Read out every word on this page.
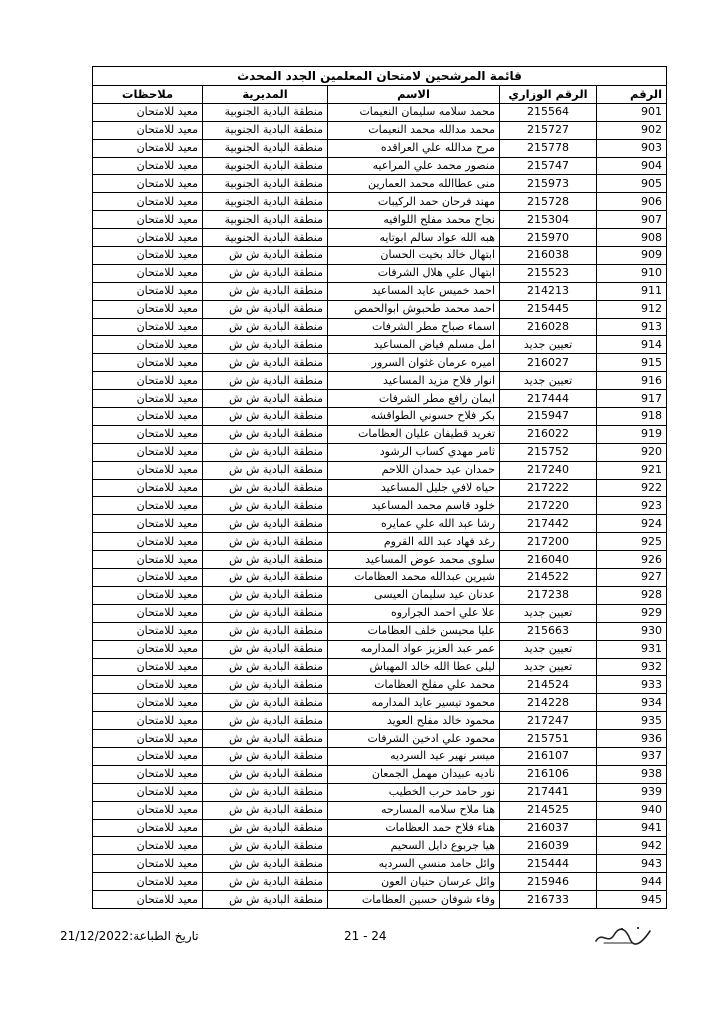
قائمة المرشحين لامتحان المعلمين الجدد المحدث				
الرقم	الرقم الوزاري	الاسم	المديرية	ملاحظات
901	215564	محمد سلامه سليمان النعيمات	منطقة البادية الجنوبية	معيد للامتحان
902	215727	محمد مدالله محمد النعيمات	منطقة البادية الجنوبية	معيد للامتحان
903	215778	مرح مدالله علي العراقده	منطقة البادية الجنوبية	معيد للامتحان
904	215747	منصور محمد علي المراعيه	منطقة البادية الجنوبية	معيد للامتحان
905	215973	منى عطاالله محمد العمارين	منطقة البادية الجنوبية	معيد للامتحان
906	215728	مهند فرحان حمد الركيبات	منطقة البادية الجنوبية	معيد للامتحان
907	215304	نجاح محمد مفلح اللوافيه	منطقة البادية الجنوبية	معيد للامتحان
908	215970	هبه الله عواد سالم ابوتايه	منطقة البادية الجنوبية	معيد للامتحان
909	216038	ابتهال خالد بخيت الحسان	منطقة البادية ش ش	معيد للامتحان
910	215523	ابتهال علي هلال الشرفات	منطقة البادية ش ش	معيد للامتحان
911	214213	احمد خميس عايد المساعيد	منطقة البادية ش ش	معيد للامتحان
912	215445	احمد محمد طحبوش ابوالحمص	منطقة البادية ش ش	معيد للامتحان
913	216028	اسماء صباح مطر الشرفات	منطقة البادية ش ش	معيد للامتحان
914	تعيين جديد	امل مسلم فياض المساعيد	منطقة البادية ش ش	معيد للامتحان
915	216027	اميره عرمان غثوان السرور	منطقة البادية ش ش	معيد للامتحان
916	تعيين جديد	انوار فلاح مزيد المساعيد	منطقة البادية ش ش	معيد للامتحان
917	217444	ايمان رافع مطر الشرفات	منطقة البادية ش ش	معيد للامتحان
918	215947	بكر فلاح حسوني الطواقشه	منطقة البادية ش ش	معيد للامتحان
919	216022	تغريد قطيفان عليان العظامات	منطقة البادية ش ش	معيد للامتحان
920	215752	ثامر مهدي كساب الرشود	منطقة البادية ش ش	معيد للامتحان
921	217240	حمدان عيد حمدان اللاحم	منطقة البادية ش ش	معيد للامتحان
922	217222	حياه لافي جليل المساعيد	منطقة البادية ش ش	معيد للامتحان
923	217220	خلود قاسم محمد المساعيد	منطقة البادية ش ش	معيد للامتحان
924	217442	رشا عبد الله علي عمايره	منطقة البادية ش ش	معيد للامتحان
925	217200	رغد فهاد عبد الله القروم	منطقة البادية ش ش	معيد للامتحان
926	216040	سلوى محمد عوض المساعيد	منطقة البادية ش ش	معيد للامتحان
927	214522	شيرين عبدالله محمد العظامات	منطقة البادية ش ش	معيد للامتحان
928	217238	عدنان عيد سليمان العيسى	منطقة البادية ش ش	معيد للامتحان
929	تعيين جديد	علا علي احمد الجراروه	منطقة البادية ش ش	معيد للامتحان
930	215663	عليا محيسن خلف العظامات	منطقة البادية ش ش	معيد للامتحان
931	تعيين جديد	عمر عبد العزيز عواد المدارمه	منطقة البادية ش ش	معيد للامتحان
932	تعيين جديد	ليلى عطا الله خالد المهباش	منطقة البادية ش ش	معيد للامتحان
933	214524	محمد علي مفلح العظامات	منطقة البادية ش ش	معيد للامتحان
934	214228	محمود تيسير عايد المدارمه	منطقة البادية ش ش	معيد للامتحان
935	217247	محمود خالد مفلح العويد	منطقة البادية ش ش	معيد للامتحان
936	215751	محمود علي ادخين الشرفات	منطقة البادية ش ش	معيد للامتحان
937	216107	ميسر نهير عيد السرديه	منطقة البادية ش ش	معيد للامتحان
938	216106	ناديه عبيدان مهمل الجمعان	منطقة البادية ش ش	معيد للامتحان
939	217441	نور حامد حرب الخطيب	منطقة البادية ش ش	معيد للامتحان
940	214525	هنا ملاح سلامه المسارحه	منطقة البادية ش ش	معيد للامتحان
941	216037	هناء فلاح حمد العظامات	منطقة البادية ش ش	معيد للامتحان
942	216039	هيا جربوع دايل السحيم	منطقة البادية ش ش	معيد للامتحان
943	215444	وائل حامد منسي السرديه	منطقة البادية ش ش	معيد للامتحان
944	215946	وائل عرسان حنيان العون	منطقة البادية ش ش	معيد للامتحان
945	216733	وفاء شوفان حسين العظامات	منطقة البادية ش ش	معيد للامتحان
تاريخ الطباعة:21/12/2022	21 - 24
